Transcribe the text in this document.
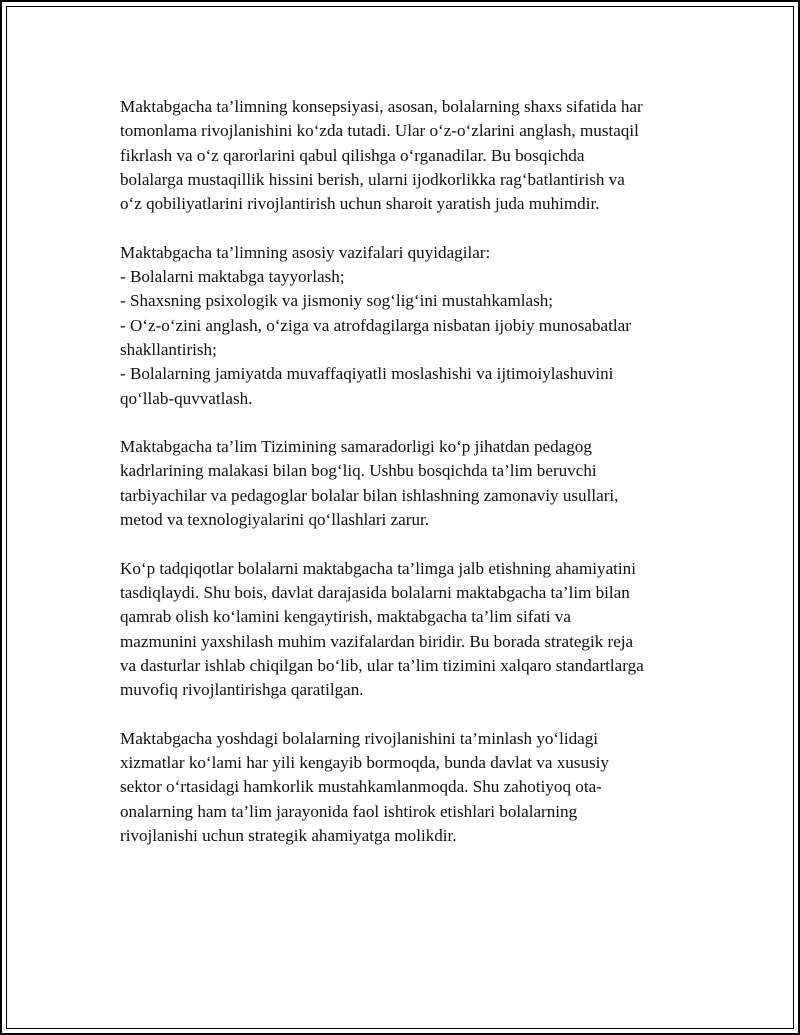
Maktabgacha ta’limning konsepsiyasi, asosan, bolalarning shaxs sifatida har
tomonlama rivojlanishini ko‘zda tutadi. Ular o‘z-o‘zlarini anglash, mustaqil
fikrlash va o‘z qarorlarini qabul qilishga o‘rganadilar. Bu bosqichda
bolalarga mustaqillik hissini berish, ularni ijodkorlikka rag‘batlantirish va
o‘z qobiliyatlarini rivojlantirish uchun sharoit yaratish juda muhimdir.

Maktabgacha ta’limning asosiy vazifalari quyidagilar:
- Bolalarni maktabga tayyorlash;
- Shaxsning psixologik va jismoniy sog‘lig‘ini mustahkamlash;
- O‘z-o‘zini anglash, o‘ziga va atrofdagilarga nisbatan ijobiy munosabatlar
shakllantirish;
- Bolalarning jamiyatda muvaffaqiyatli moslashishi va ijtimoiylashuvini
qo‘llab-quvvatlash.

Maktabgacha ta’lim Tizimining samaradorligi ko‘p jihatdan pedagog
kadrlarining malakasi bilan bog‘liq. Ushbu bosqichda ta’lim beruvchi
tarbiyachilar va pedagoglar bolalar bilan ishlashning zamonaviy usullari,
metod va texnologiyalarini qo‘llashlari zarur.

Ko‘p tadqiqotlar bolalarni maktabgacha ta’limga jalb etishning ahamiyatini
tasdiqlaydi. Shu bois, davlat darajasida bolalarni maktabgacha ta’lim bilan
qamrab olish ko‘lamini kengaytirish, maktabgacha ta’lim sifati va
mazmunini yaxshilash muhim vazifalardan biridir. Bu borada strategik reja
va dasturlar ishlab chiqilgan bo‘lib, ular ta’lim tizimini xalqaro standartlarga
muvofiq rivojlantirishga qaratilgan.

Maktabgacha yoshdagi bolalarning rivojlanishini ta’minlash yo‘lidagi
xizmatlar ko‘lami har yili kengayib bormoqda, bunda davlat va xususiy
sektor o‘rtasidagi hamkorlik mustahkamlanmoqda. Shu zahotiyoq ota-
onalarning ham ta’lim jarayonida faol ishtirok etishlari bolalarning
rivojlanishi uchun strategik ahamiyatga molikdir.
